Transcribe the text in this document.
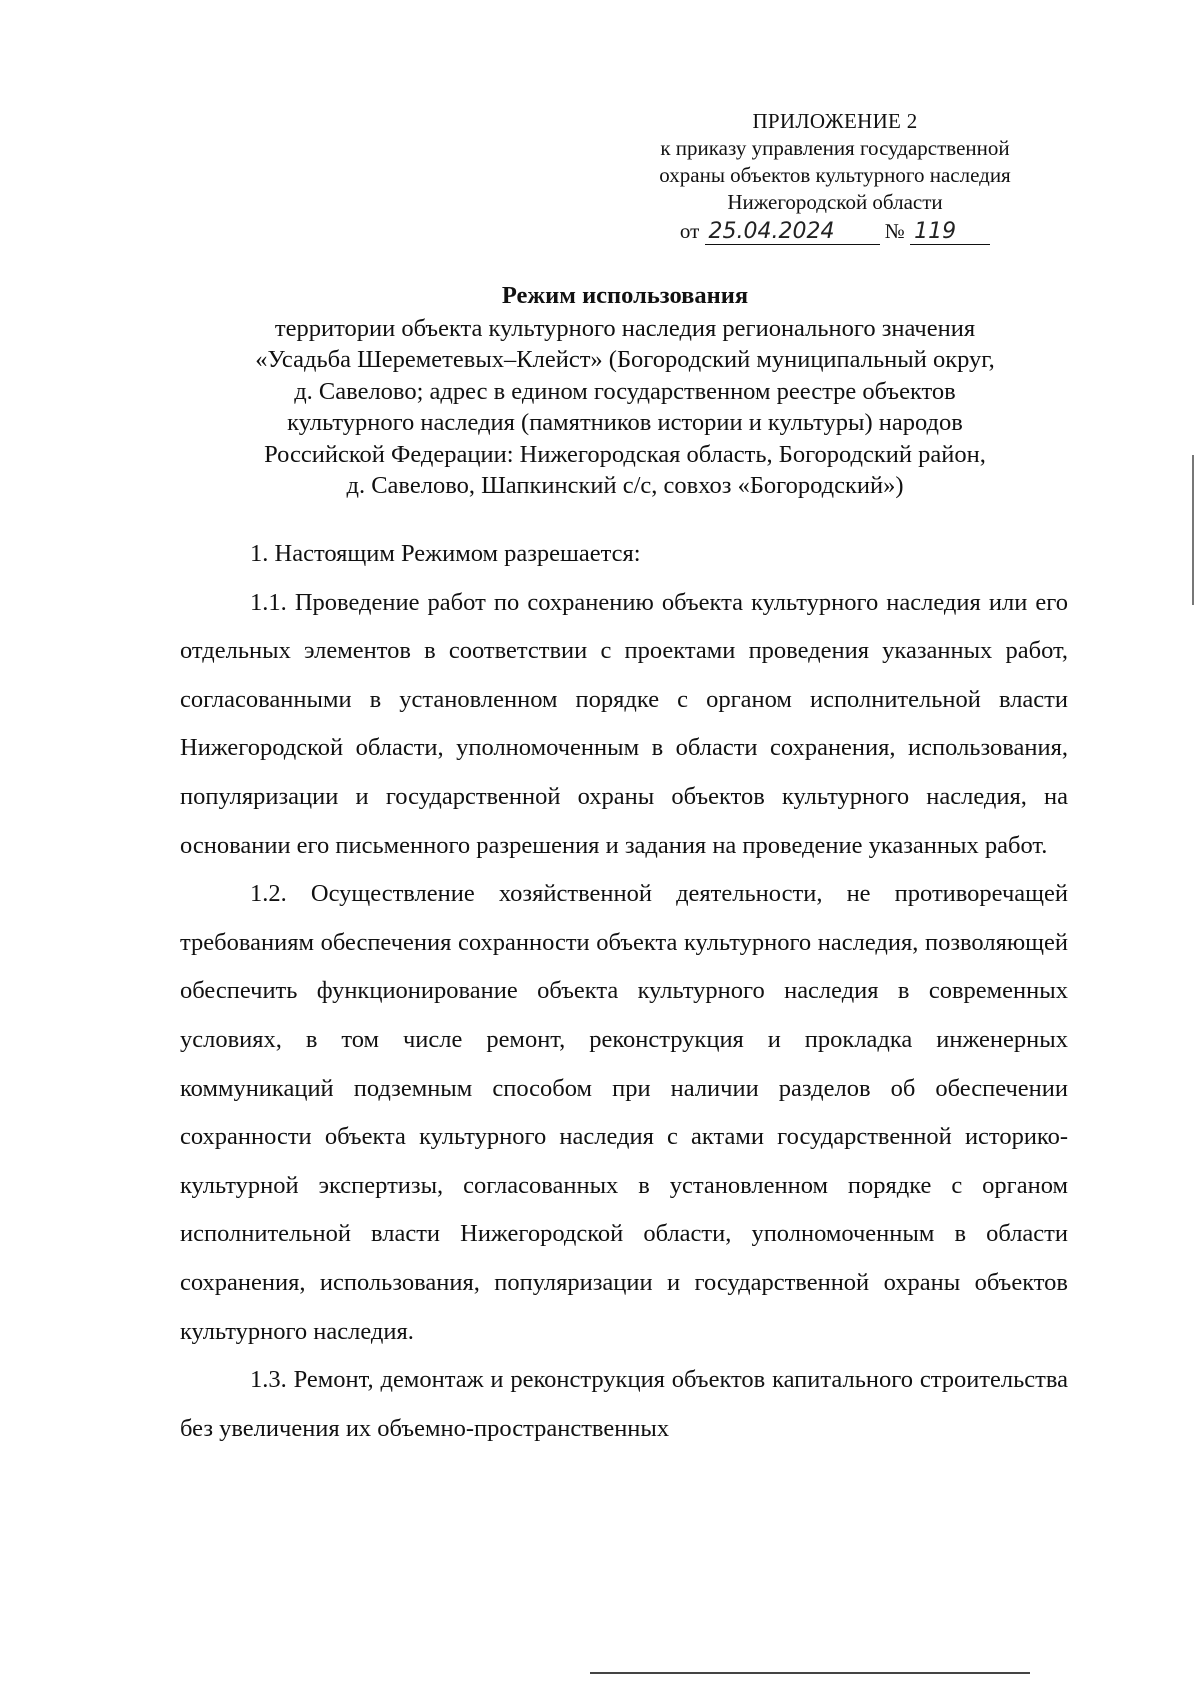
ПРИЛОЖЕНИЕ 2
к приказу управления государственной
охраны объектов культурного наследия
Нижегородской области
от 25.04.2024 № 119
Режим использования
территории объекта культурного наследия регионального значения
«Усадьба Шереметевых–Клейст» (Богородский муниципальный округ,
д. Савелово; адрес в едином государственном реестре объектов
культурного наследия (памятников истории и культуры) народов
Российской Федерации: Нижегородская область, Богородский район,
д. Савелово, Шапкинский с/с, совхоз «Богородский»)

1. Настоящим Режимом разрешается:

1.1. Проведение работ по сохранению объекта культурного наследия или его отдельных элементов в соответствии с проектами проведения указанных работ, согласованными в установленном порядке с органом исполнительной власти Нижегородской области, уполномоченным в области сохранения, использования, популяризации и государственной охраны объектов культурного наследия, на основании его письменного разрешения и задания на проведение указанных работ.

1.2. Осуществление хозяйственной деятельности, не противоречащей требованиям обеспечения сохранности объекта культурного наследия, позволяющей обеспечить функционирование объекта культурного наследия в современных условиях, в том числе ремонт, реконструкция и прокладка инженерных коммуникаций подземным способом при наличии разделов об обеспечении сохранности объекта культурного наследия с актами государственной историко-культурной экспертизы, согласованных в установленном порядке с органом исполнительной власти Нижегородской области, уполномоченным в области сохранения, использования, популяризации и государственной охраны объектов культурного наследия.

1.3. Ремонт, демонтаж и реконструкция объектов капитального строительства без увеличения их объемно-пространственных
